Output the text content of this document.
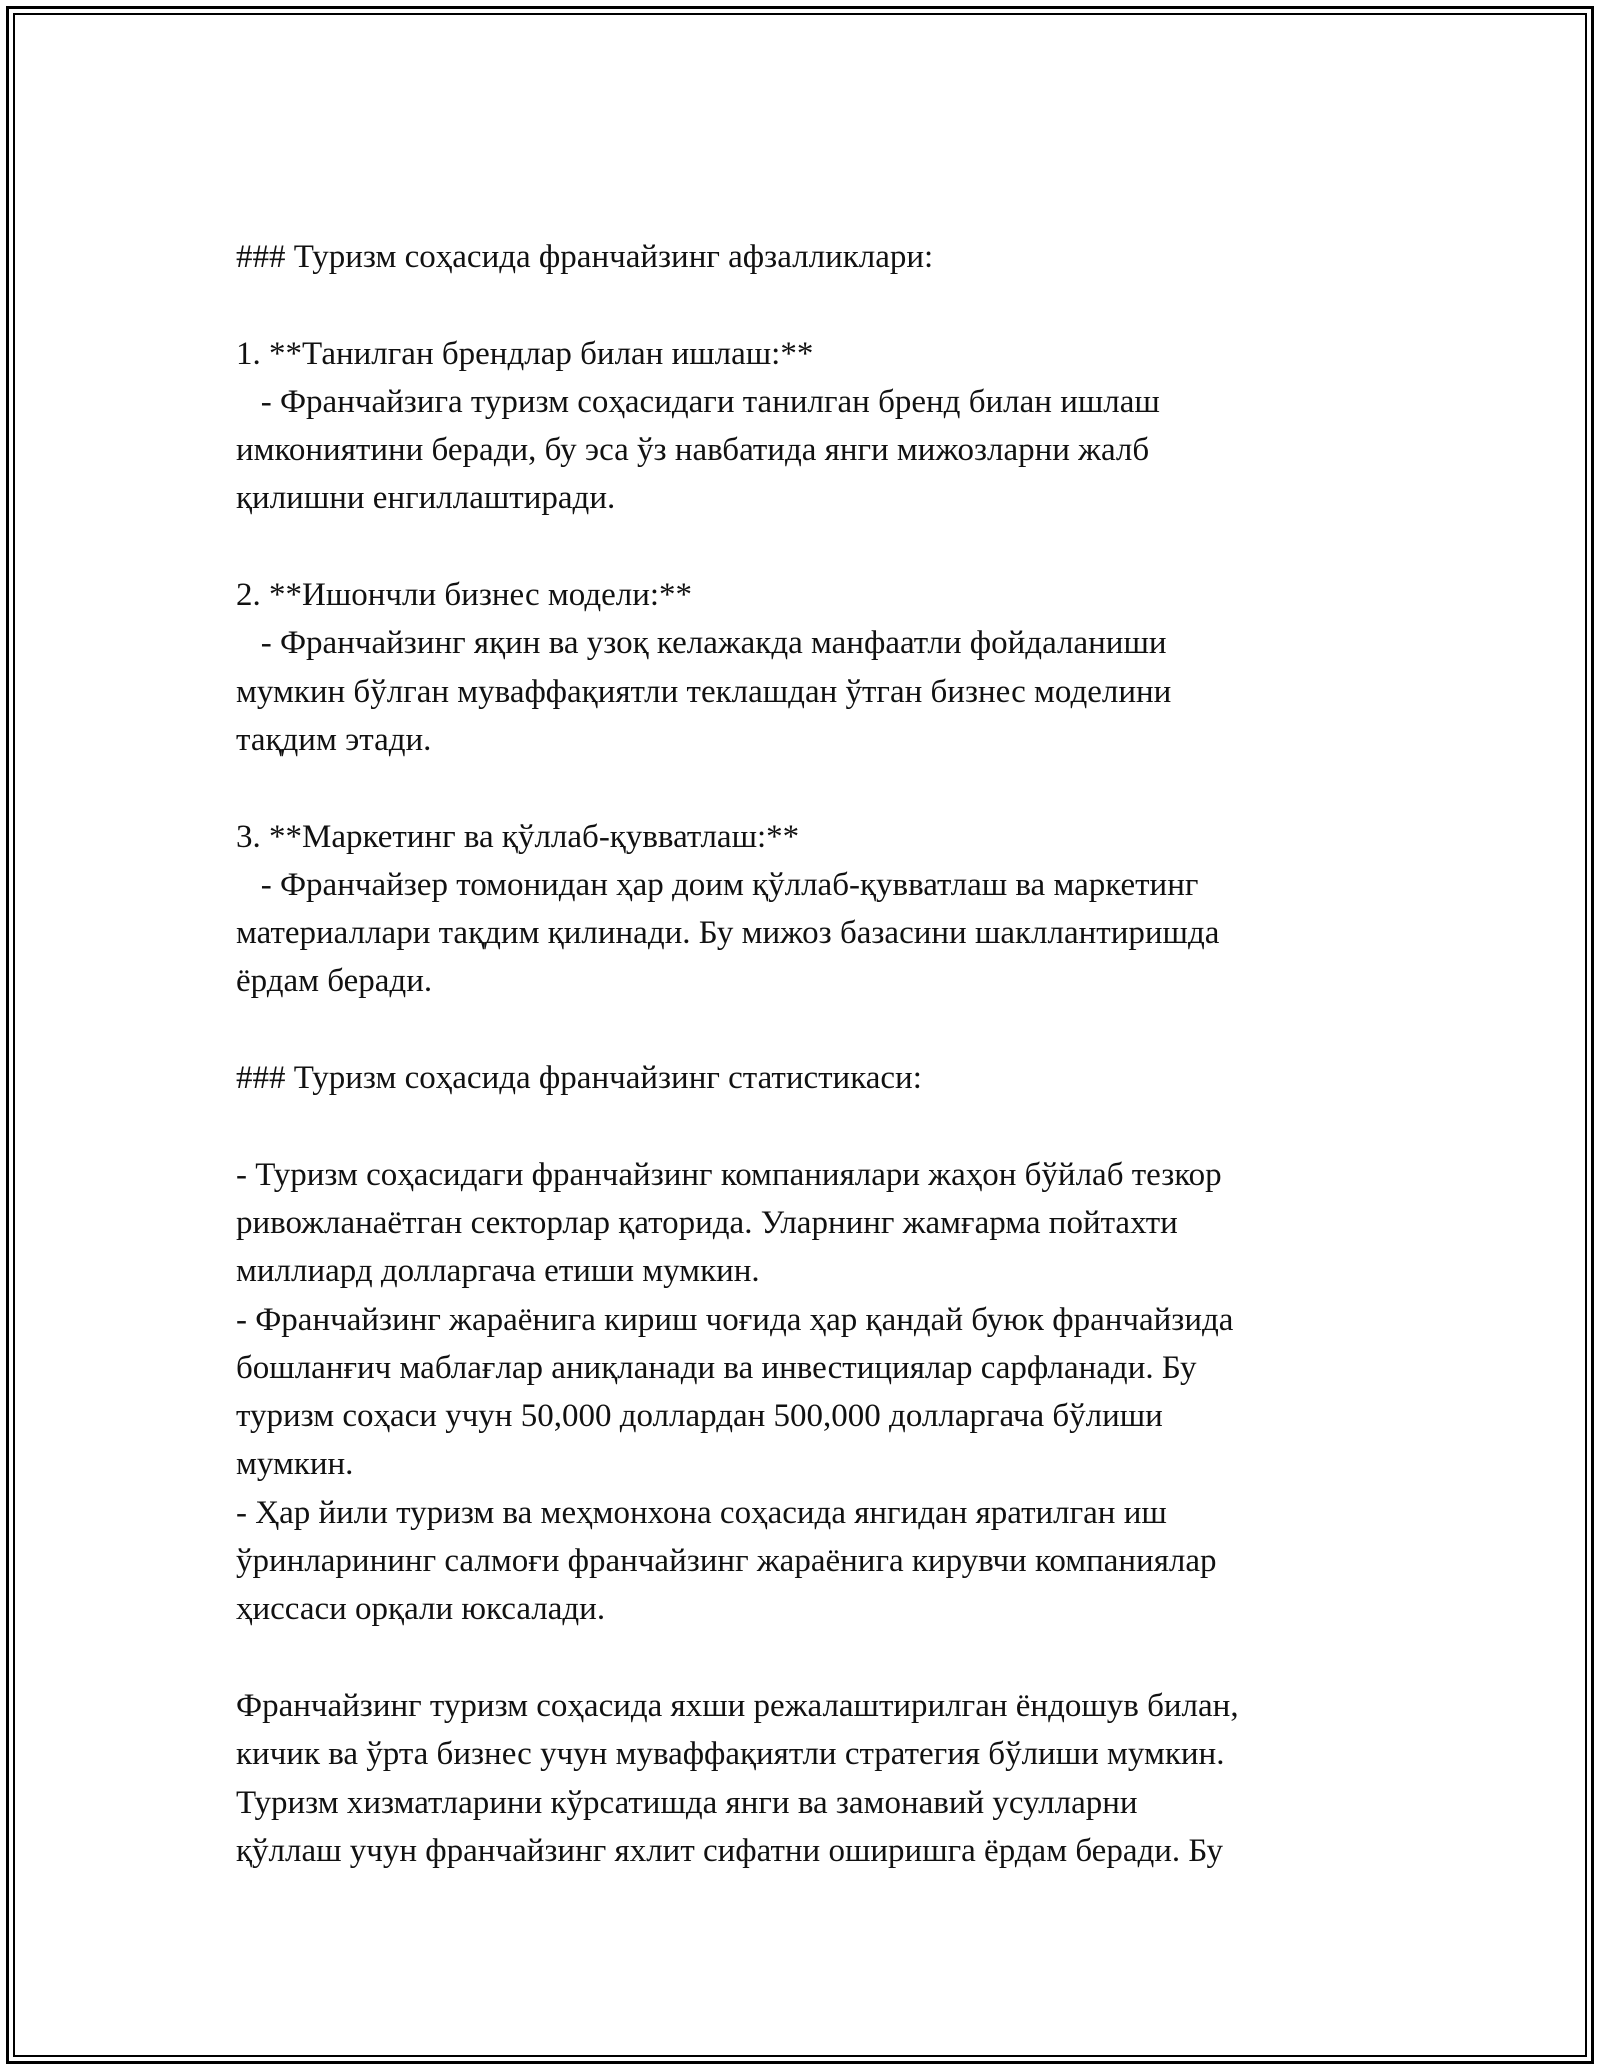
### Туризм соҳасида франчайзинг афзалликлари:
1. **Танилган брендлар билан ишлаш:**
- Франчайзига туризм соҳасидаги танилган бренд билан ишлаш
имкониятини беради, бу эса ўз навбатида янги мижозларни жалб
қилишни енгиллаштиради.
2. **Ишончли бизнес модели:**
- Франчайзинг яқин ва узоқ келажакда манфаатли фойдаланиши
мумкин бўлган муваффақиятли теклашдан ўтган бизнес моделини
тақдим этади.
3. **Маркетинг ва қўллаб-қувватлаш:**
- Франчайзер томонидан ҳар доим қўллаб-қувватлаш ва маркетинг
материаллари тақдим қилинади. Бу мижоз базасини шакллантиришда
ёрдам беради.
### Туризм соҳасида франчайзинг статистикаси:
- Туризм соҳасидаги франчайзинг компаниялари жаҳон бўйлаб тезкор
ривожланаётган секторлар қаторида. Уларнинг жамғарма пойтахти
миллиард долларгача етиши мумкин.
- Франчайзинг жараёнига кириш чоғида ҳар қандай буюк франчайзида
бошланғич маблағлар аниқланади ва инвестициялар сарфланади. Бу
туризм соҳаси учун 50,000 доллардан 500,000 долларгача бўлиши
мумкин.
- Ҳар йили туризм ва меҳмонхона соҳасида янгидан яратилган иш
ўринларининг салмоғи франчайзинг жараёнига кирувчи компаниялар
ҳиссаси орқали юксалади.
Франчайзинг туризм соҳасида яхши режалаштирилган ёндошув билан,
кичик ва ўрта бизнес учун муваффақиятли стратегия бўлиши мумкин.
Туризм хизматларини кўрсатишда янги ва замонавий усулларни
қўллаш учун франчайзинг яхлит сифатни оширишга ёрдам беради. Бу
